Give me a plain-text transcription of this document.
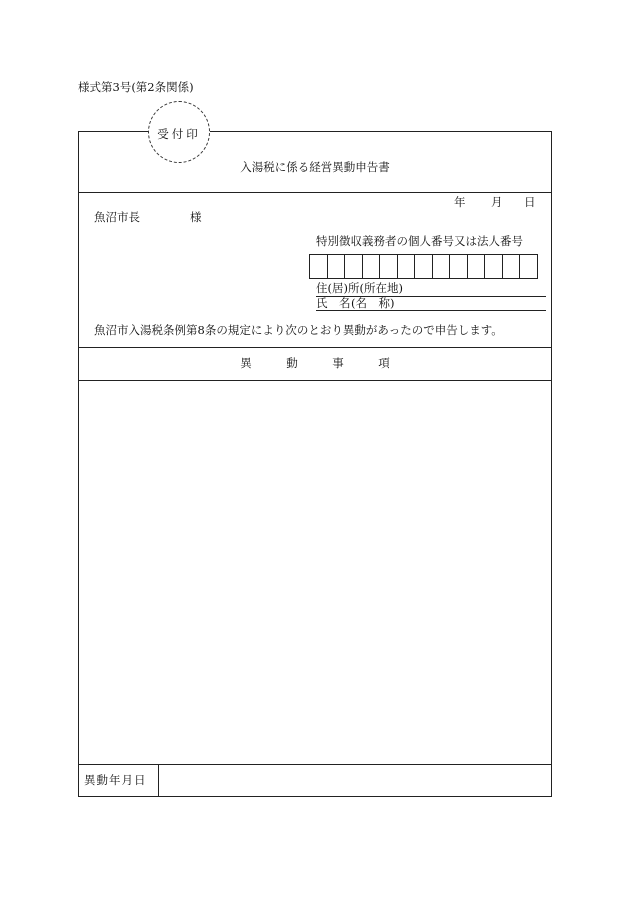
様式第3号(第2条関係)
受付印
入湯税に係る経営異動申告書
年 月 日
魚沼市長	様
特別徴収義務者の個人番号又は法人番号
住(居)所(所在地)
氏　名 (名　称)
魚沼市入湯税条例第8条の規定により次のとおり異動があったので申告します。
異　　　動　　　事　　　項
異動年月日
